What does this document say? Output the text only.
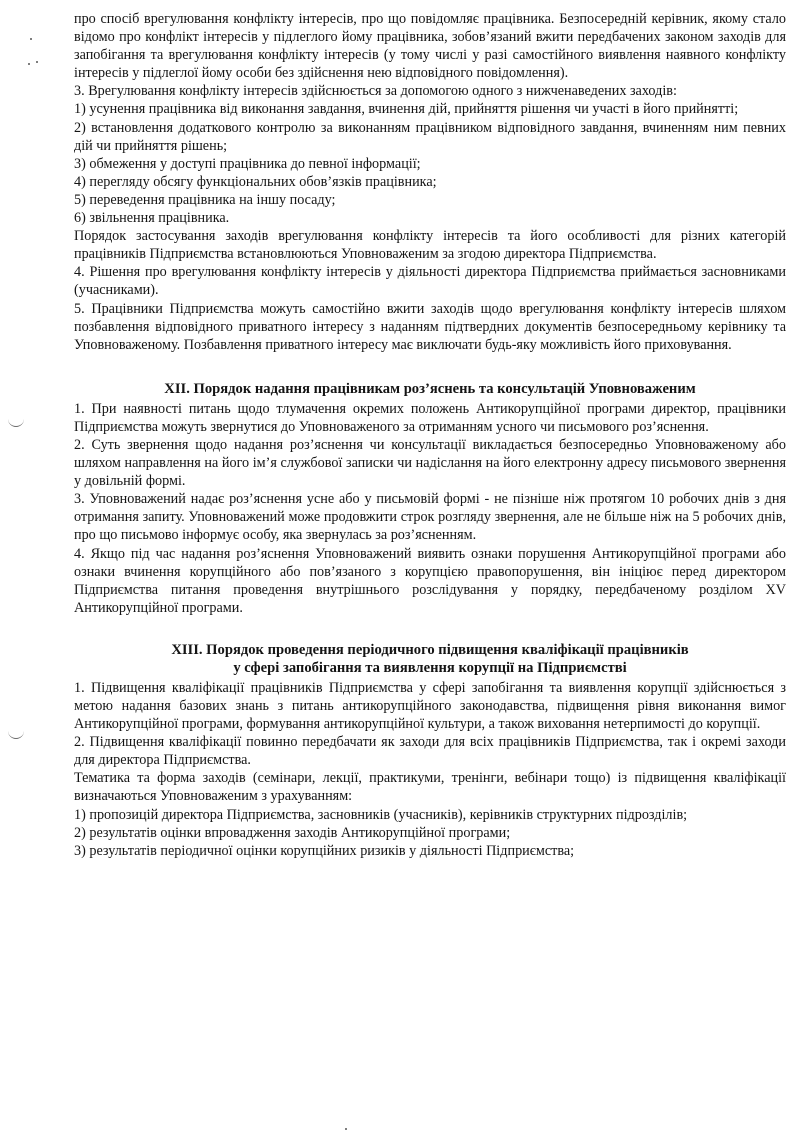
про спосіб врегулювання конфлікту інтересів, про що повідомляє працівника. Безпосередній керівник, якому стало відомо про конфлікт інтересів у підлеглого йому працівника, зобов’язаний вжити передбачених законом заходів для запобігання та врегулювання конфлікту інтересів (у тому числі у разі самостійного виявлення наявного конфлікту інтересів у підлеглої йому особи без здійснення нею відповідного повідомлення).

3. Врегулювання конфлікту інтересів здійснюється за допомогою одного з нижченаведених заходів:

1) усунення працівника від виконання завдання, вчинення дій, прийняття рішення чи участі в його прийнятті;

2) встановлення додаткового контролю за виконанням працівником відповідного завдання, вчиненням ним певних дій чи прийняття рішень;

3) обмеження у доступі працівника до певної інформації;

4) перегляду обсягу функціональних обов’язків працівника;

5) переведення працівника на іншу посаду;

6) звільнення працівника.

Порядок застосування заходів врегулювання конфлікту інтересів та його особливості для різних категорій працівників Підприємства встановлюються Уповноваженим за згодою директора Підприємства.

4. Рішення про врегулювання конфлікту інтересів у діяльності директора Підприємства приймається засновниками (учасниками).

5. Працівники Підприємства можуть самостійно вжити заходів щодо врегулювання конфлікту інтересів шляхом позбавлення відповідного приватного інтересу з наданням підтвердних документів безпосередньому керівнику та Уповноваженому. Позбавлення приватного інтересу має виключати будь-яку можливість його приховування.

XII. Порядок надання працівникам роз’яснень та консультацій Уповноваженим

1. При наявності питань щодо тлумачення окремих положень Антикорупційної програми директор, працівники Підприємства можуть звернутися до Уповноваженого за отриманням усного чи письмового роз’яснення.

2. Суть звернення щодо надання роз’яснення чи консультації викладається безпосередньо Уповноваженому або шляхом направлення на його ім’я службової записки чи надіслання на його електронну адресу письмового звернення у довільній формі.

3. Уповноважений надає роз’яснення усне або у письмовій формі - не пізніше ніж протягом 10 робочих днів з дня отримання запиту. Уповноважений може продовжити строк розгляду звернення, але не більше ніж на 5 робочих днів, про що письмово інформує особу, яка звернулась за роз’ясненням.

4. Якщо під час надання роз’яснення Уповноважений виявить ознаки порушення Антикорупційної програми або ознаки вчинення корупційного або пов’язаного з корупцією правопорушення, він ініціює перед директором Підприємства питання проведення внутрішнього розслідування у порядку, передбаченому розділом XV Антикорупційної програми.

XIII. Порядок проведення періодичного підвищення кваліфікації працівників
у сфері запобігання та виявлення корупції на Підприємстві

1. Підвищення кваліфікації працівників Підприємства у сфері запобігання та виявлення корупції здійснюється з метою надання базових знань з питань антикорупційного законодавства, підвищення рівня виконання вимог Антикорупційної програми, формування антикорупційної культури, а також виховання нетерпимості до корупції.

2. Підвищення кваліфікації повинно передбачати як заходи для всіх працівників Підприємства, так і окремі заходи для директора Підприємства.

Тематика та форма заходів (семінари, лекції, практикуми, тренінги, вебінари тощо) із підвищення кваліфікації визначаються Уповноваженим з урахуванням:

1) пропозицій директора Підприємства, засновників (учасників), керівників структурних підрозділів;

2) результатів оцінки впровадження заходів Антикорупційної програми;

3) результатів періодичної оцінки корупційних ризиків у діяльності Підприємства;
